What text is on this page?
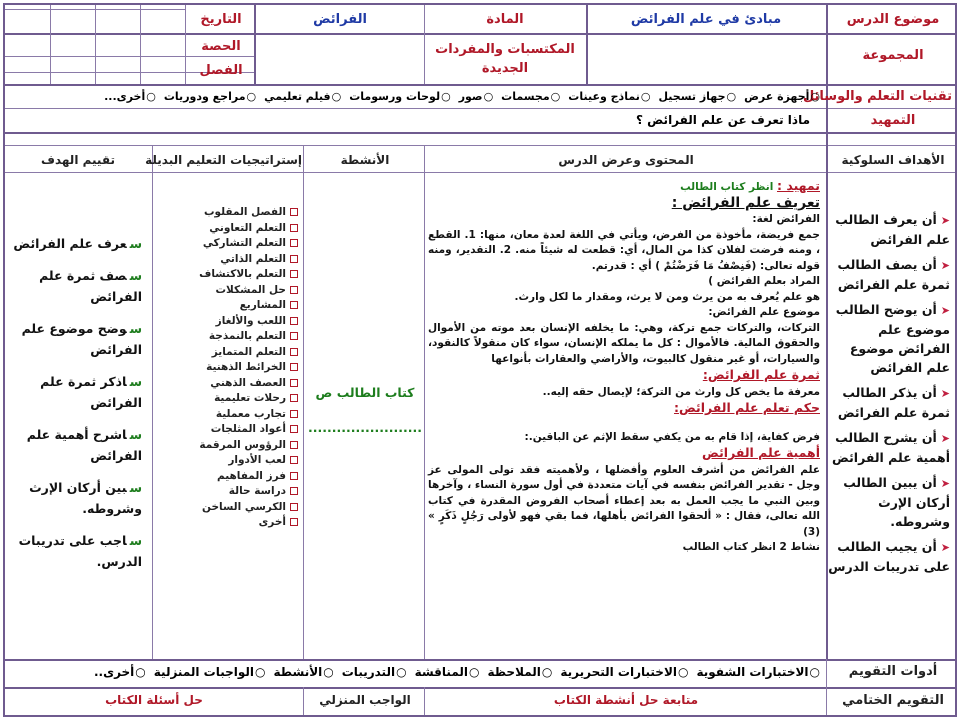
موضوع الدرس
مبادئ في علم الفرائض
المادة
الفرائض
التاريخ
المجموعة
المكتسبات والمفردات الجديدة
الحصة
الفصل
تقنيات التعلم والوسائل
○ أجهزة عرض
○ جهاز تسجيل
○ نماذج وعينات
○ مجسمات
○ صور
○ لوحات ورسومات
○ فيلم تعليمي
○ مراجع ودوريات
○ أخرى...
التمهيد
ماذا تعرف عن علم الفرائض ؟
الأهداف السلوكية
المحتوى وعرض الدرس
الأنشطة
إستراتيجيات التعليم البديلة
تقييم الهدف
➤أن يعرف الطالب علم الفرائض
➤أن يصف الطالب ثمرة علم الفرائض
➤أن يوضح الطالب موضوع علم الفرائض موضوع علم الفرائض
➤أن يذكر الطالب ثمرة علم الفرائض
➤أن يشرح الطالب أهمية علم الفرائض
➤أن يبين الطالب أركان الإرث وشروطه.
➤أن يجيب الطالب على تدريبات الدرس
تمهيد : انظر كتاب الطالب
تعريف علم الفرائض :
الفرائض لغة:
جمع فريضة، مأخوذة من الفرض، ويأتي في اللغة لعدة معان، منها: 1. القطع ، ومنه فرضت لفلان كذا من المال، أي: قطعت له شيئاً منه. 2. التقدير، ومنه قوله تعالى: (فَنِصْفُ مَا فَرَضْتُمْ ) أي : قدرتم.
المراد بعلم الفرائض )
هو علم يُعرف به من يرث ومن لا يرث، ومقدار ما لكل وارث.
موضوع علم الفرائض:
التركات، والتركات جمع تركة، وهي: ما يخلفه الإنسان بعد موته من الأموال والحقوق المالية. فالأموال : كل ما يملكه الإنسان، سواء كان منقولاً كالنقود، والسيارات، أو غير منقول كالبيوت، والأراضي والعقارات بأنواعها
ثمرة علم الفرائض:
معرفة ما يخص كل وارث من التركة؛ لإيصال حقه إليه..
حكم تعلم علم الفرائض:
فرض كفاية، إذا قام به من يكفي سقط الإثم عن الباقين.:
أهمية علم الفرائض
علم الفرائض من أشرف العلوم وأفضلها ، ولأهميته فقد تولى المولى عز وجل - تقدير الفرائض بنفسه في آيات متعددة في أول سورة النساء ، وآخرها وبين النبي ما يجب العمل به بعد إعطاء أصحاب الفروض المقدرة في كتاب الله تعالى، فقال : « ألحقوا الفرائض بأهلها، فما بقي فهو لأولى رَجُلٍ ذَكَرٍ » (3)
نشاط 2 انظر كتاب الطالب
كتاب الطالب ص
........................
الفصل المقلوب
التعلم التعاوني
التعلم التشاركي
التعلم الذاتي
التعلم بالاكتشاف
حل المشكلات
المشاريع
اللعب والألغاز
التعلم بالنمذجة
التعلم المتمايز
الخرائط الذهنية
العصف الذهني
رحلات تعليمية
تجارب معملية
أعواد المثلجات
الرؤوس المرقمة
لعب الأدوار
فرز المفاهيم
دراسة حالة
الكرسي الساخن
أخرى
سعرف علم الفرائض
سصف ثمرة علم الفرائض
سوضح موضوع علم الفرائض
ساذكر ثمرة علم الفرائض
ساشرح أهمية علم الفرائض
سبين أركان الإرث وشروطه.
ساجب على تدريبات الدرس.
أدوات التقويم
○ الاختبارات الشفوية
○ الاختبارات التحريرية
○ الملاحظة
○ المناقشة
○ التدريبات
○ الأنشطة
○ الواجبات المنزلية
○ أخرى..
التقويم الختامي
متابعة حل أنشطة الكتاب
الواجب المنزلي
حل أسئلة الكتاب
